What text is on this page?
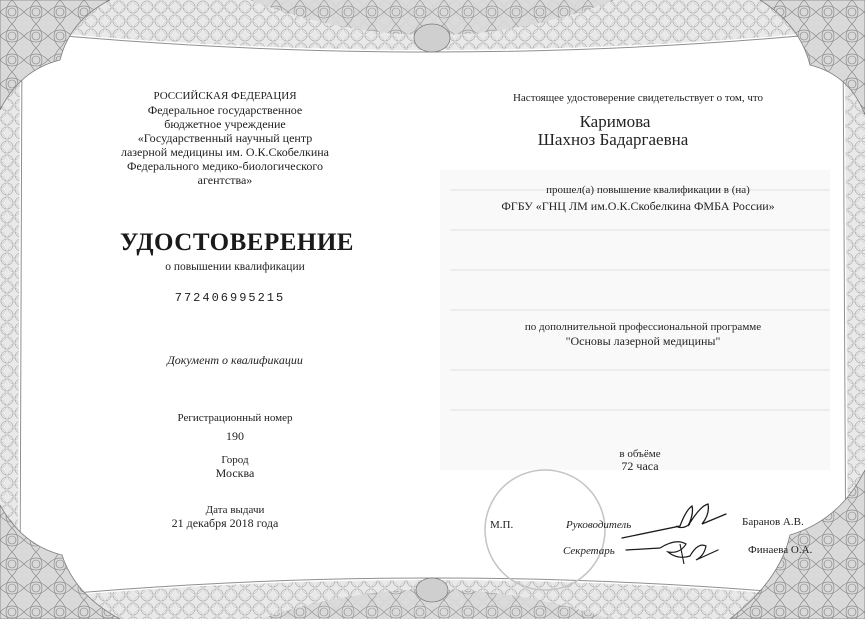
РОССИЙСКАЯ ФЕДЕРАЦИЯ
Федеральное государственное
бюджетное учреждение
«Государственный научный центр
лазерной медицины им. О.К.Скобелкина
Федерального медико-биологического
агентства»
УДОСТОВЕРЕНИЕ
о повышении квалификации
772406995215
Документ о квалификации
Регистрационный номер
190
Город
Москва
Дата выдачи
21 декабря 2018 года
Настоящее удостоверение свидетельствует о том, что
Каримова
Шахноз Бадаргаевна
прошел(а) повышение квалификации в (на)
ФГБУ «ГНЦ ЛМ им.О.К.Скобелкина ФМБА России»
по дополнительной профессиональной программе
"Основы лазерной медицины"
в объёме
72 часа
М.П.	Руководитель	Баранов А.В.
Секретарь	Финаева О.А.
